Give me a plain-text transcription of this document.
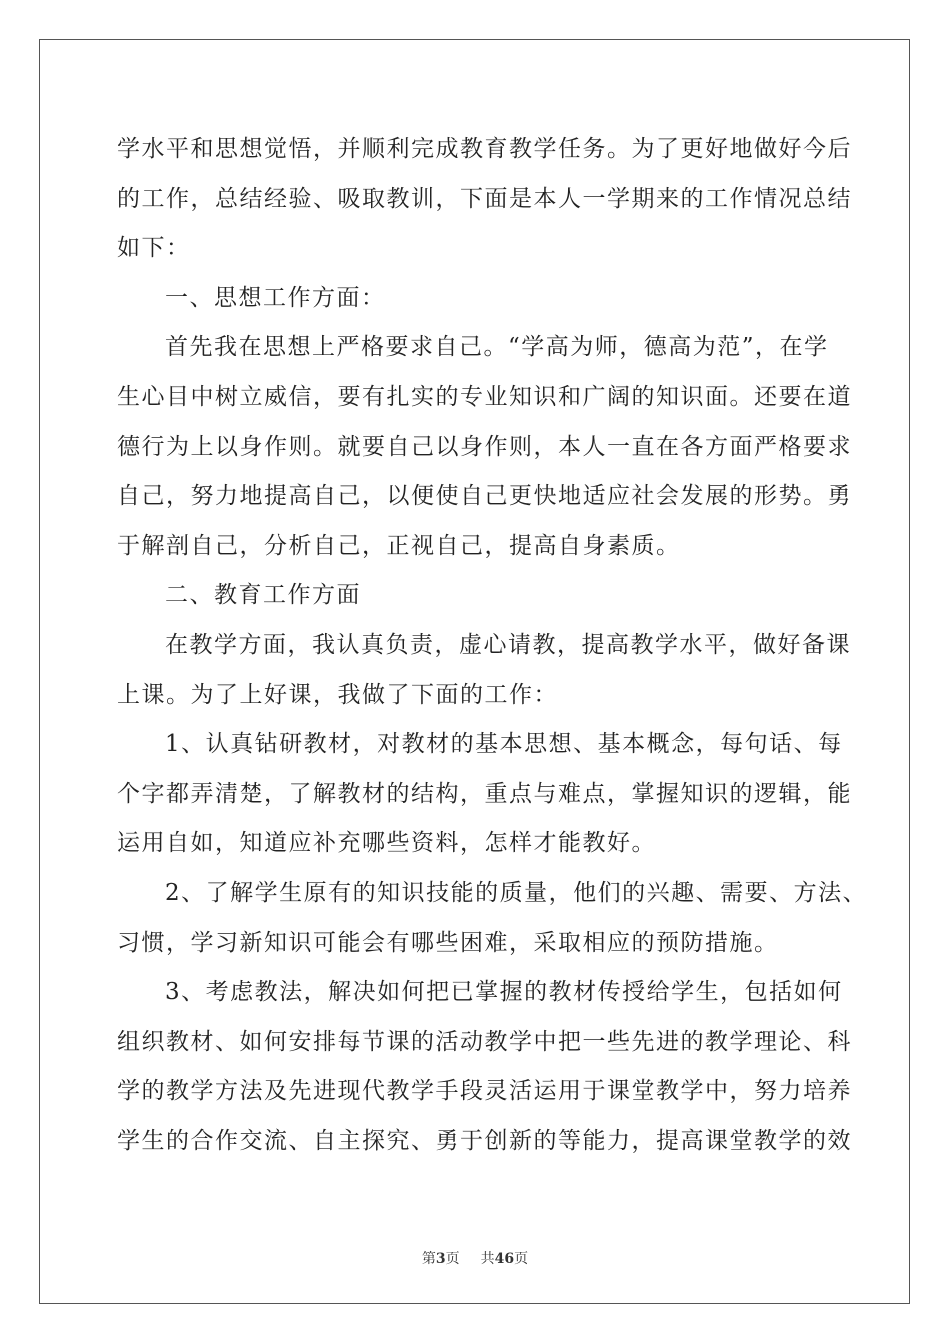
学水平和思想觉悟，并顺利完成教育教学任务。为了更好地做好今后
的工作，总结经验、吸取教训，下面是本人一学期来的工作情况总结
如下：
一、思想工作方面：
首先我在思想上严格要求自己。“学高为师，德高为范”，在学
生心目中树立威信，要有扎实的专业知识和广阔的知识面。还要在道
德行为上以身作则。就要自己以身作则，本人一直在各方面严格要求
自己，努力地提高自己，以便使自己更快地适应社会发展的形势。勇
于解剖自己，分析自己，正视自己，提高自身素质。
二、教育工作方面
在教学方面，我认真负责，虚心请教，提高教学水平，做好备课
上课。为了上好课，我做了下面的工作：
1、认真钻研教材，对教材的基本思想、基本概念，每句话、每
个字都弄清楚，了解教材的结构，重点与难点，掌握知识的逻辑，能
运用自如，知道应补充哪些资料，怎样才能教好。
2、了解学生原有的知识技能的质量，他们的兴趣、需要、方法、
习惯，学习新知识可能会有哪些困难，采取相应的预防措施。
3、考虑教法，解决如何把已掌握的教材传授给学生，包括如何
组织教材、如何安排每节课的活动教学中把一些先进的教学理论、科
学的教学方法及先进现代教学手段灵活运用于课堂教学中，努力培养
学生的合作交流、自主探究、勇于创新的等能力，提高课堂教学的效
第3页 共46页
